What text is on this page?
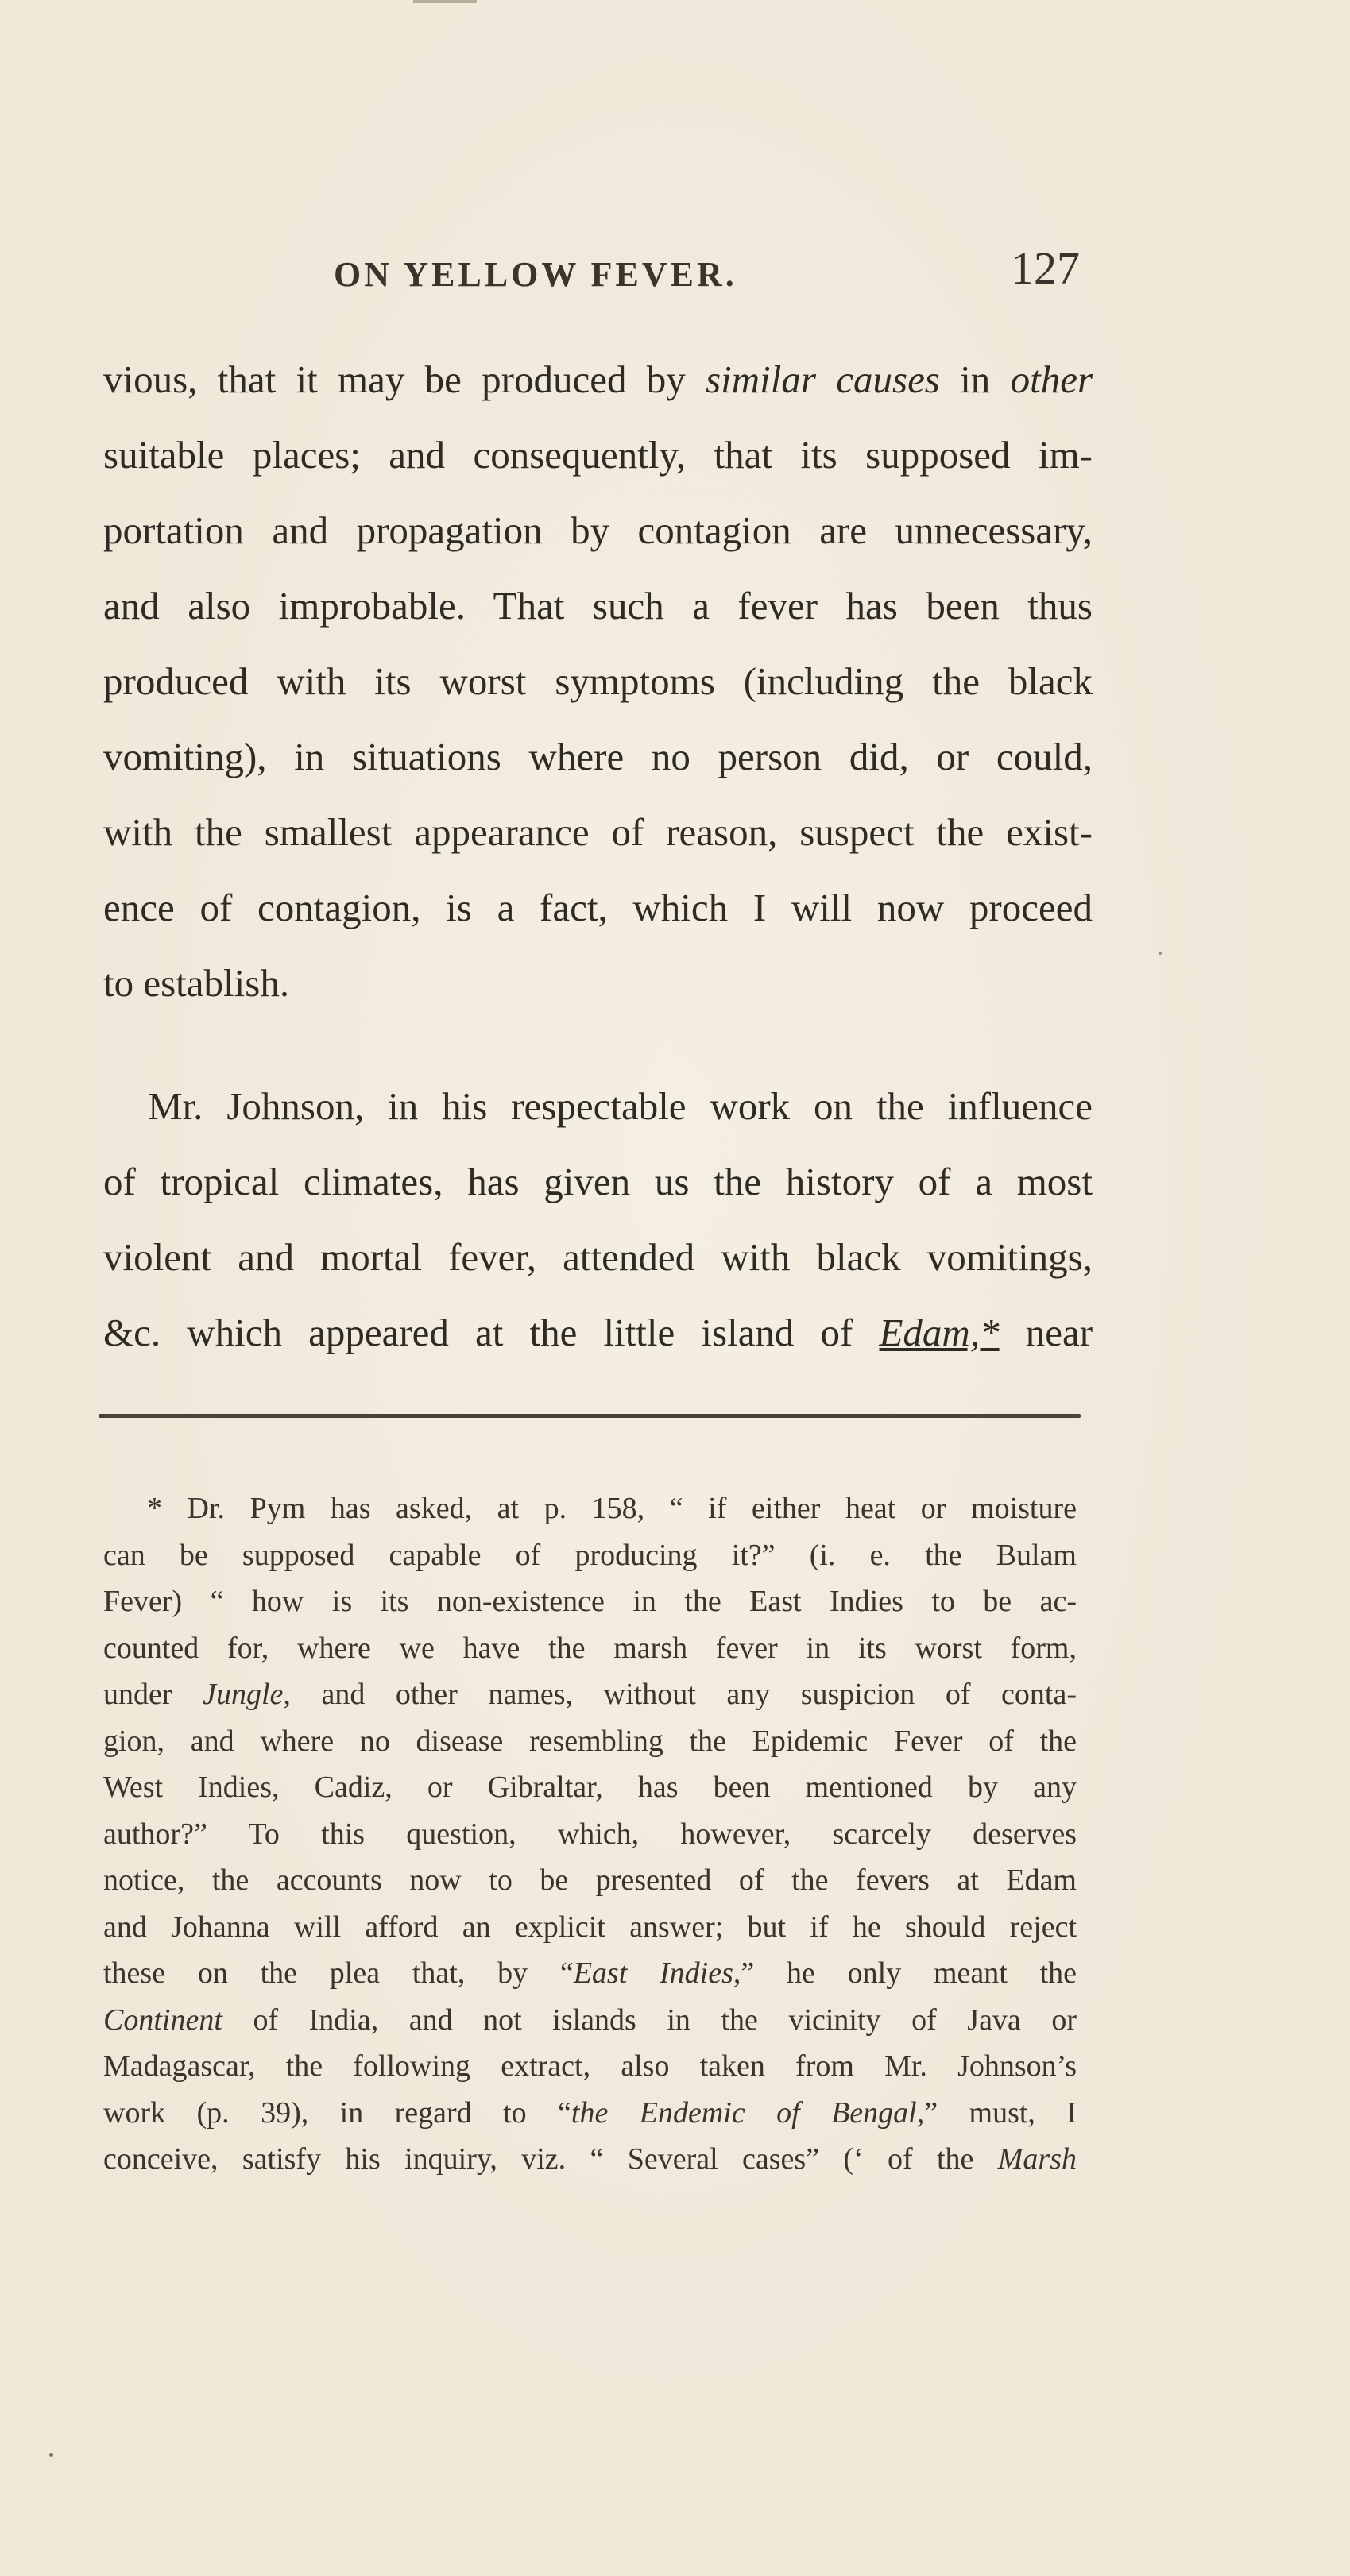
ON YELLOW FEVER.	127
vious, that it may be produced by similar causes in other
suitable places; and consequently, that its supposed im-
portation and propagation by contagion are unnecessary,
and also improbable. That such a fever has been thus
produced with its worst symptoms (including the black
vomiting), in situations where no person did, or could,
with the smallest appearance of reason, suspect the exist-
ence of contagion, is a fact, which I will now proceed
to establish.
Mr. Johnson, in his respectable work on the influence
of tropical climates, has given us the history of a most
violent and mortal fever, attended with black vomitings,
&c. which appeared at the little island of Edam,* near
* Dr. Pym has asked, at p. 158, “ if either heat or moisture
can be supposed capable of producing it?” (i. e. the Bulam
Fever) “ how is its non-existence in the East Indies to be ac-
counted for, where we have the marsh fever in its worst form,
under Jungle, and other names, without any suspicion of conta-
gion, and where no disease resembling the Epidemic Fever of the
West Indies, Cadiz, or Gibraltar, has been mentioned by any
author?” To this question, which, however, scarcely deserves
notice, the accounts now to be presented of the fevers at Edam
and Johanna will afford an explicit answer; but if he should reject
these on the plea that, by “East Indies,” he only meant the
Continent of India, and not islands in the vicinity of Java or
Madagascar, the following extract, also taken from Mr. Johnson’s
work (p. 39), in regard to “the Endemic of Bengal,” must, I
conceive, satisfy his inquiry, viz. “ Several cases” (‘ of the Marsh
